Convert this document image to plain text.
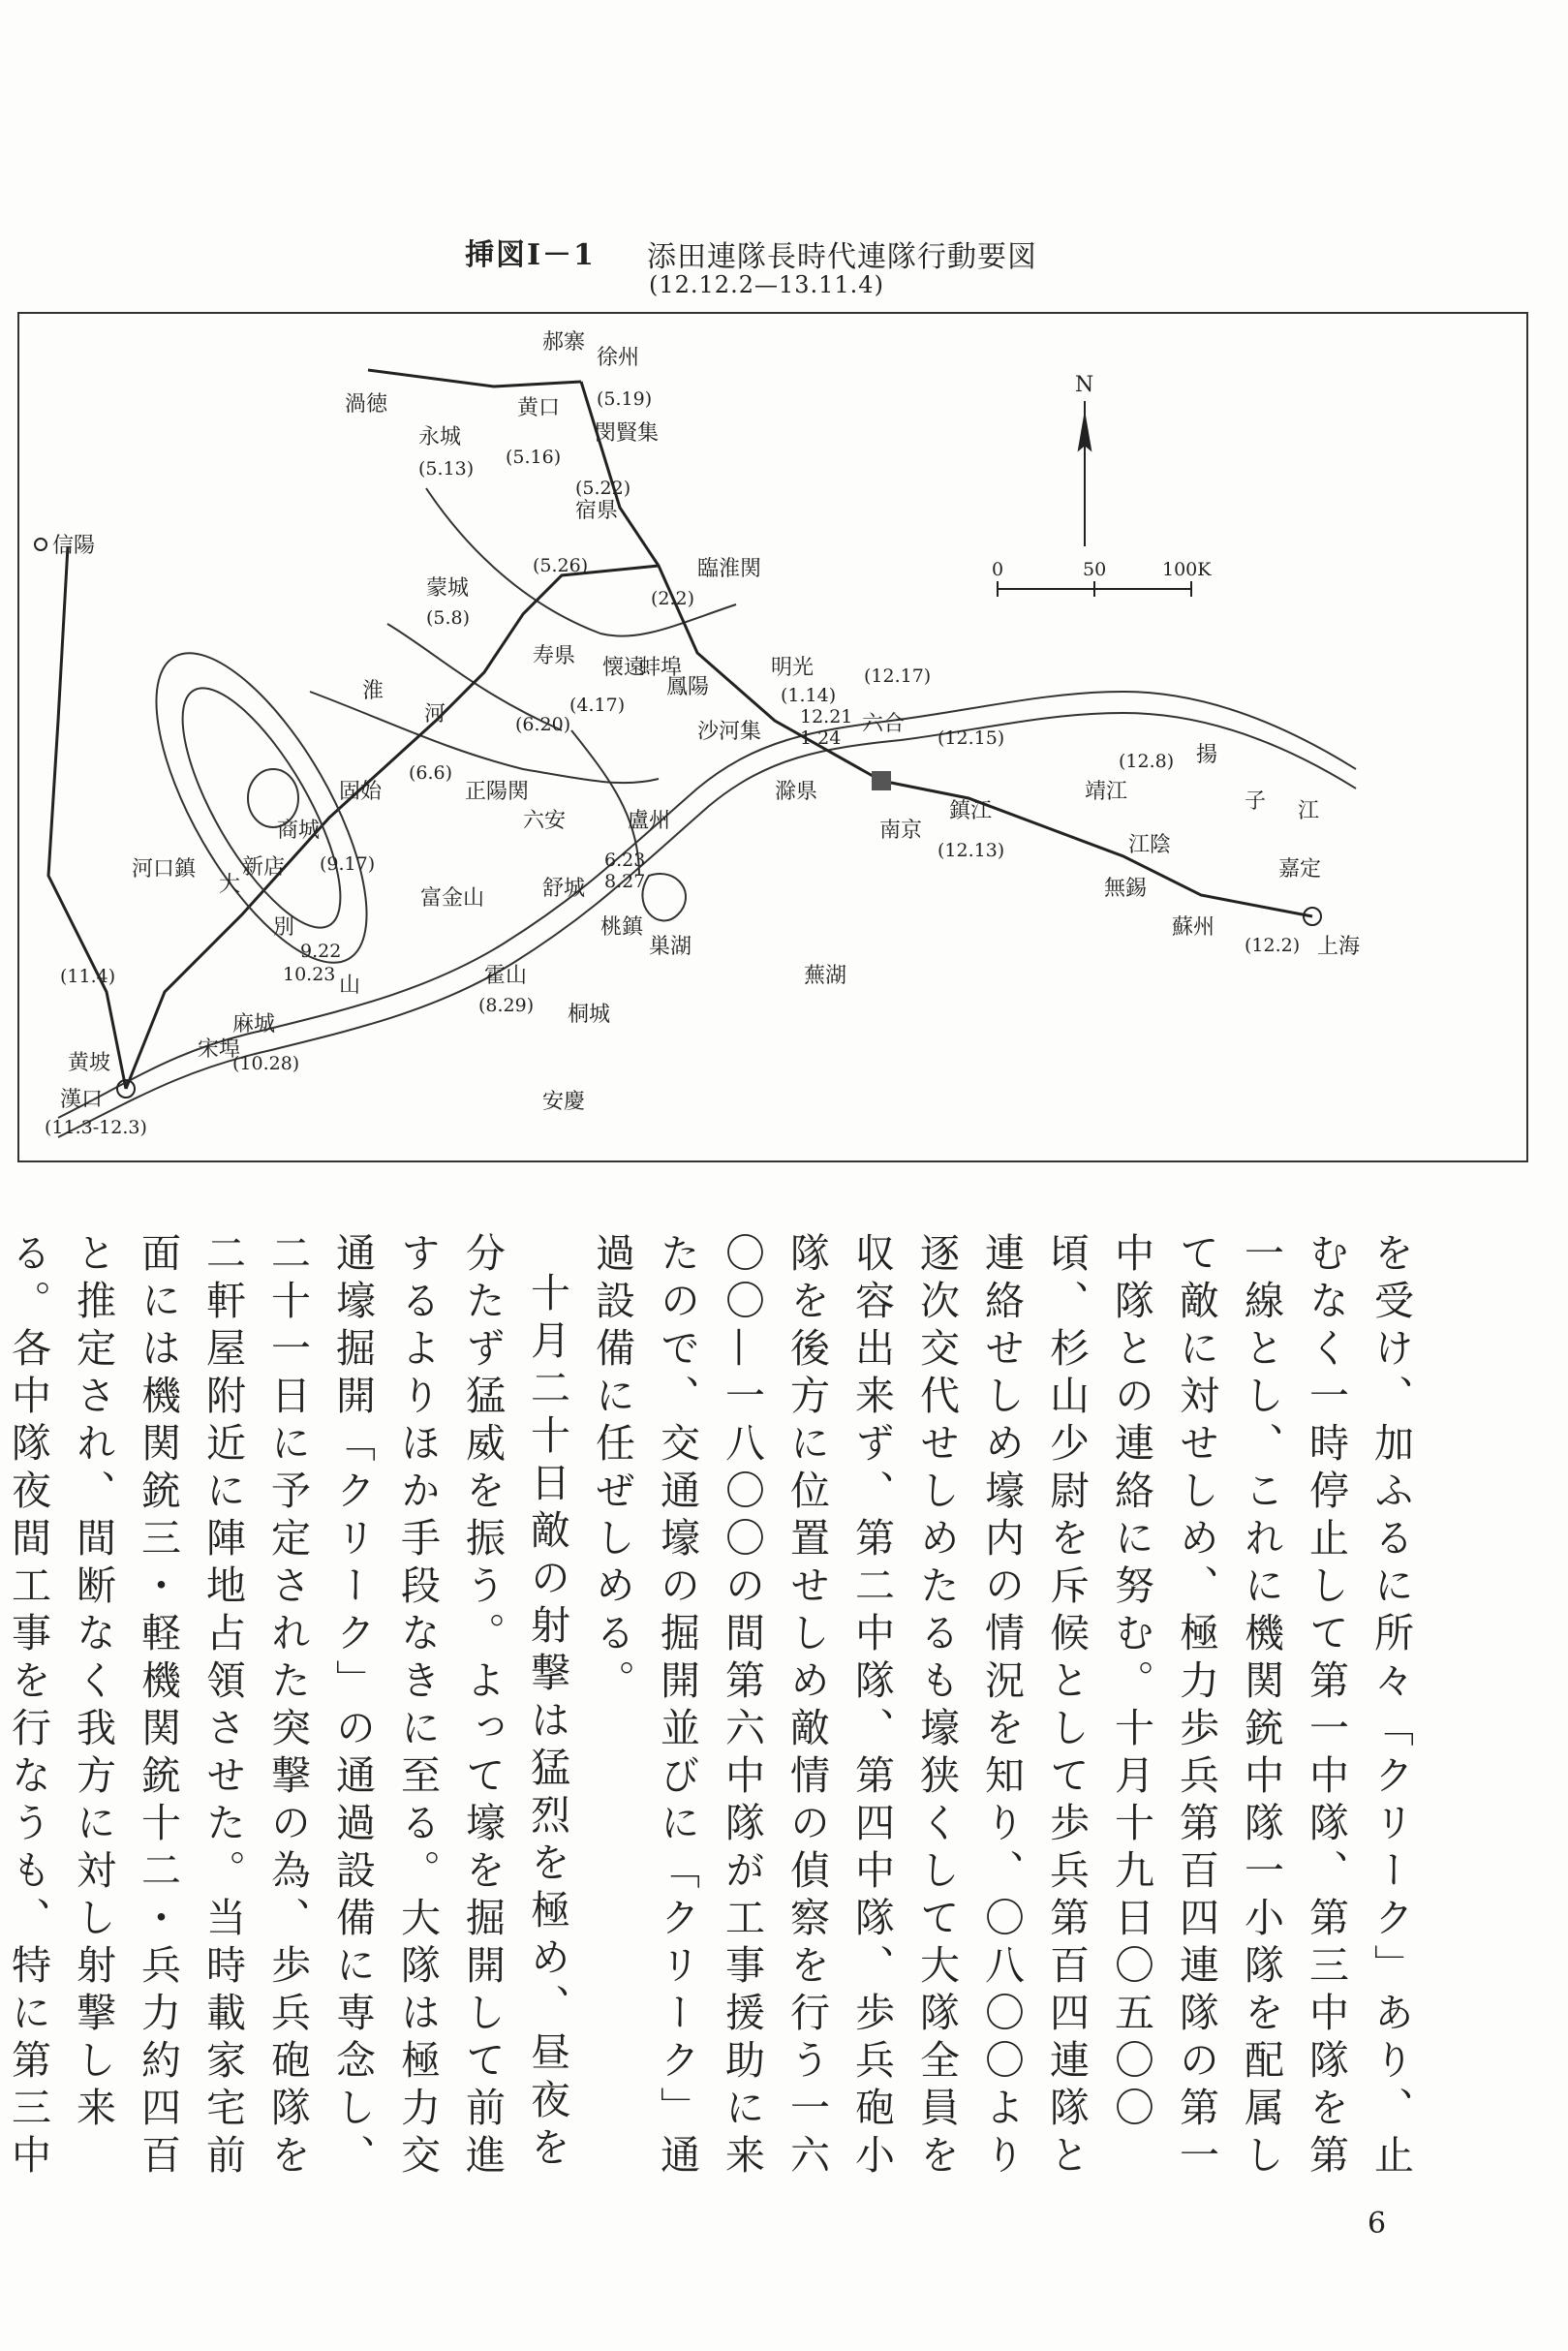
挿図Ⅰ－1 添田連隊長時代連隊行動要図
(12.12.2—13.11.4)
N
0	50	100K
上海
(12.2)
嘉定
蘇州
無錫
江陰
靖江
(12.8) 揚
子 江
鎮江
(12.13)
(12.15)
南京
六合
(12.17)
滁県
沙河集
明光
(1.14)
12.21
1.24
鳳陽
蚌埠
懐遠
臨淮関
(2.2)
蒙城
(5.8)
(5.26)
宿県
(5.22)
閔賢集
徐州
(5.19)
郝寨
黄口
(5.16)
永城
(5.13)
渦徳
寿県
(4.17)
(6.20)
淮
河
正陽関
(6.6)
六安	盧州
6.23
8.27
舒城
桃鎮
巣湖
霍山
(8.29) 桐城
蕪湖
安慶
固始
商城
(9.17)
新店
別
9.22
10.23
大
山
富金山
麻城
(10.28)
宋埠
河口鎮
信陽
(11.4)
黄坡
漢口
(11.3-12.3)

を受け、加ふるに所々「クリーク」あり、止むなく一時停止して第一中隊、第三中隊を第一線とし、これに機関銃中隊一小隊を配属して敵に対せしめ、極力歩兵第百四連隊の第一中隊との連絡に努む。十月十九日〇五〇〇頃、杉山少尉を斥候として歩兵第百四連隊と連絡せしめ壕内の情況を知り、〇八〇〇より逐次交代せしめたるも壕狭くして大隊全員を収容出来ず、第二中隊、第四中隊、歩兵砲小隊を後方に位置せしめ敵情の偵察を行う一六〇〇—一八〇〇の間第六中隊が工事援助に来たので、交通壕の掘開並びに「クリーク」通過設備に任ぜしめる。

十月二十日敵の射撃は猛烈を極め、昼夜を分たず猛威を振う。よって壕を掘開して前進するよりほか手段なきに至る。大隊は極力交通壕掘開「クリーク」の通過設備に専念し、二十一日に予定された突撃の為、歩兵砲隊を二軒屋附近に陣地占領させた。当時載家宅前面には機関銃三・軽機関銃十二・兵力約四百と推定され、間断なく我方に対し射撃し来る。各中隊夜間工事を行なうも、特に第三中

6
